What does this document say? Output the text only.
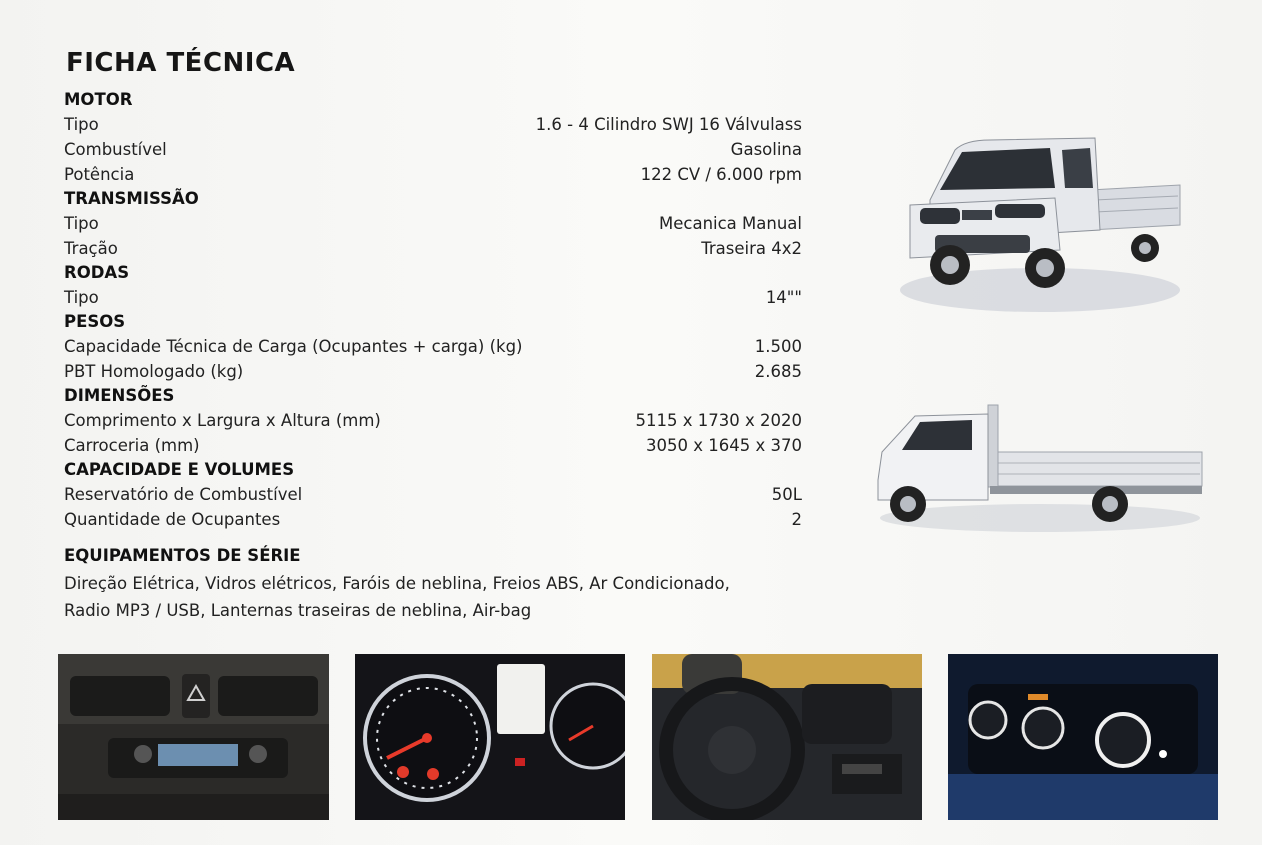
FICHA TÉCNICA
MOTOR
Tipo	1.6 - 4 Cilindro SWJ 16 Válvulass
Combustível	Gasolina
Potência	122 CV / 6.000 rpm
TRANSMISSÃO
Tipo	Mecanica Manual
Tração	Traseira 4x2
RODAS
Tipo	14""
PESOS
Capacidade Técnica de Carga (Ocupantes + carga) (kg)	1.500
PBT Homologado (kg)	2.685
DIMENSÕES
Comprimento x Largura x Altura (mm)	5115 x 1730 x 2020
Carroceria (mm)	3050 x 1645 x 370
CAPACIDADE E VOLUMES
Reservatório de Combustível	50L
Quantidade de Ocupantes	2
EQUIPAMENTOS DE SÉRIE
Direção Elétrica, Vidros elétricos, Faróis de neblina, Freios ABS, Ar Condicionado,
Radio MP3 / USB, Lanternas traseiras de neblina, Air-bag
